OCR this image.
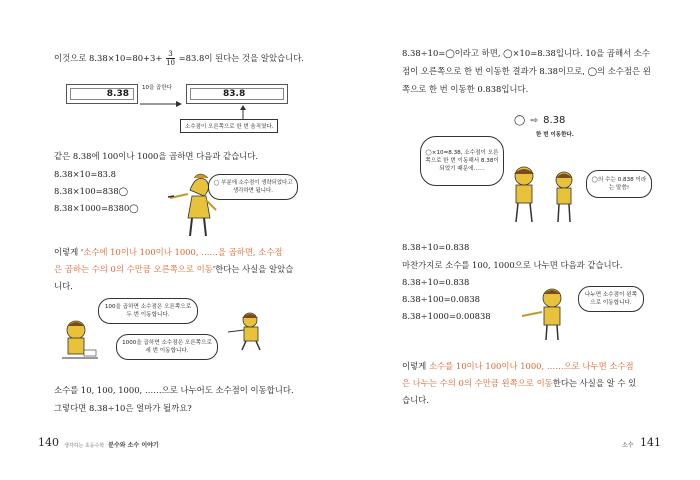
이것으로 $8.38\times 10=80+3+ \frac{3}{10} =83.8$이 된다는 것을 알았습니다.
8.38
10을 곱한다
83.8
소수점이 오른쪽으로 한 번 움직였다.
같은 8.38에 100이나 1000을 곱하면 다음과 같습니다.
8.38×10=83.8
8.38×100=838◯
8.38×1000=8380◯
◯ 부분에 소수점이 생략되었다고 생각하면 됩니다.
이렇게 '소수에 10이나 100이나 1000, ……을 곱하면, 소수점
은 곱하는 수의 0의 수만큼 오른쪽으로 이동'한다는 사실을 알았습
니다.
100을 곱하면 소수점은 오른쪽으로 두 번 이동합니다.
1000을 곱하면 소수점은 오른쪽으로 세 번 이동합니다.
소수를 10, 100, 1000, ……으로 나누어도 소수점이 이동합니다.
그렇다면 8.38÷10은 얼마가 될까요?
140 생각하는 초등수학 분수와 소수 이야기
8.38÷10=◯이라고 하면, ◯×10=8.38입니다. 10을 곱해서 소수
점이 오른쪽으로 한 번 이동한 결과가 8.38이므로, ◯의 소수점은 왼
쪽으로 한 번 이동한 0.838입니다.
◯ ⇨ 8.38
한 번 이동한다.
◯×10=8.38, 소수점이 오른쪽으로 한 번 이동해서 8.38이 되었기 때문에……
◯의 수는 0.838 이라는 말씀!
8.38÷10=0.838
마찬가지로 소수를 100, 1000으로 나누면 다음과 같습니다.
8.38÷10=0.838
8.38÷100=0.0838
8.38÷1000=0.00838
나누면 소수점이 왼쪽으로 이동합니다.
이렇게 소수를 10이나 100이나 1000, ……으로 나누면 소수점
은 나누는 수의 0의 수만큼 왼쪽으로 이동한다는 사실을 알 수 있
습니다.
소수 141
